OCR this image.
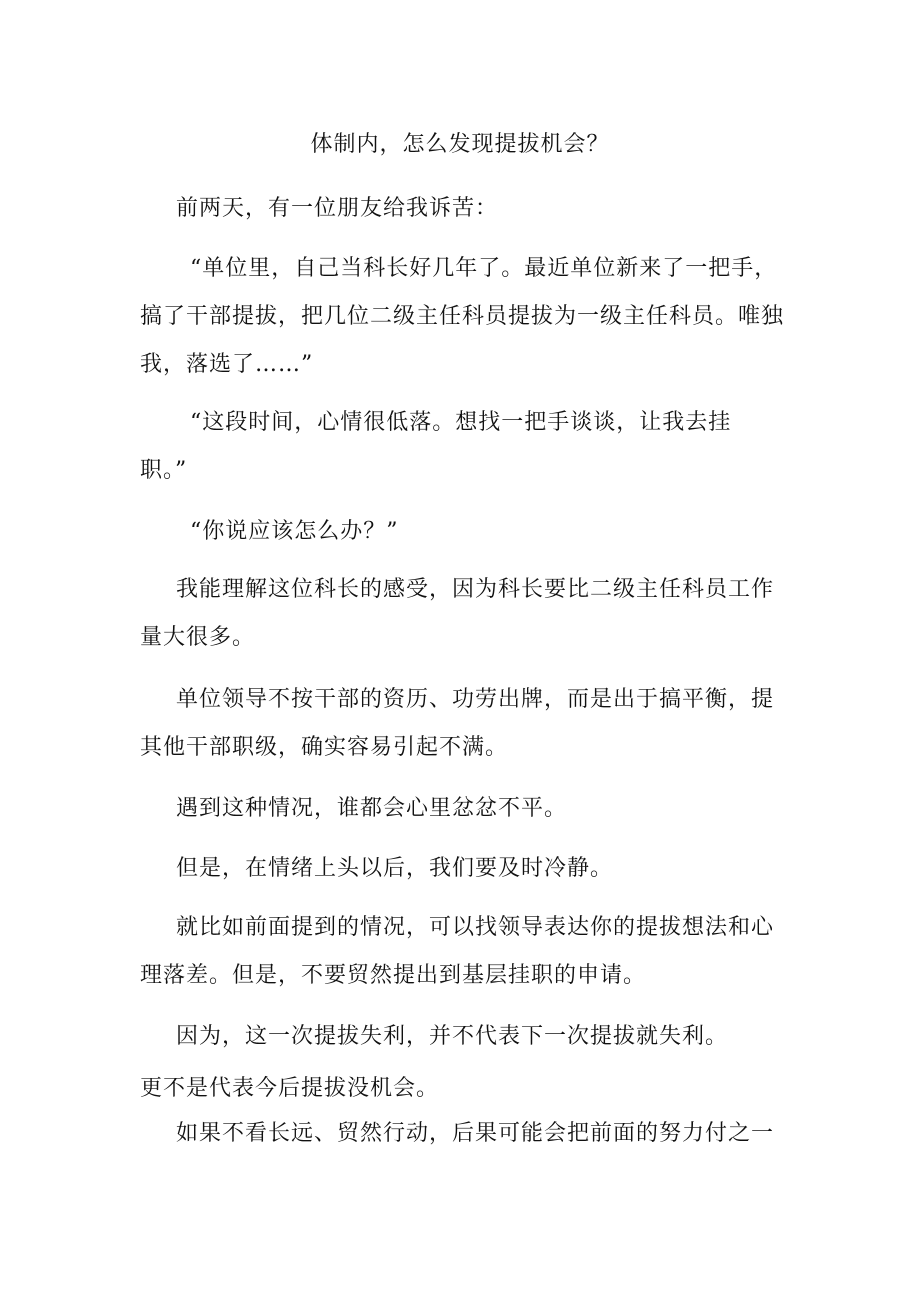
体制内，怎么发现提拔机会？
前两天，有一位朋友给我诉苦：
“单位里，自己当科长好几年了。最近单位新来了一把手，
搞了干部提拔，把几位二级主任科员提拔为一级主任科员。唯独
我，落选了……”
“这段时间，心情很低落。想找一把手谈谈，让我去挂
职。”
“你说应该怎么办？”
我能理解这位科长的感受，因为科长要比二级主任科员工作
量大很多。
单位领导不按干部的资历、功劳出牌，而是出于搞平衡，提
其他干部职级，确实容易引起不满。
遇到这种情况，谁都会心里忿忿不平。
但是，在情绪上头以后，我们要及时冷静。
就比如前面提到的情况，可以找领导表达你的提拔想法和心
理落差。但是，不要贸然提出到基层挂职的申请。
因为，这一次提拔失利，并不代表下一次提拔就失利。
更不是代表今后提拔没机会。
如果不看长远、贸然行动，后果可能会把前面的努力付之一
